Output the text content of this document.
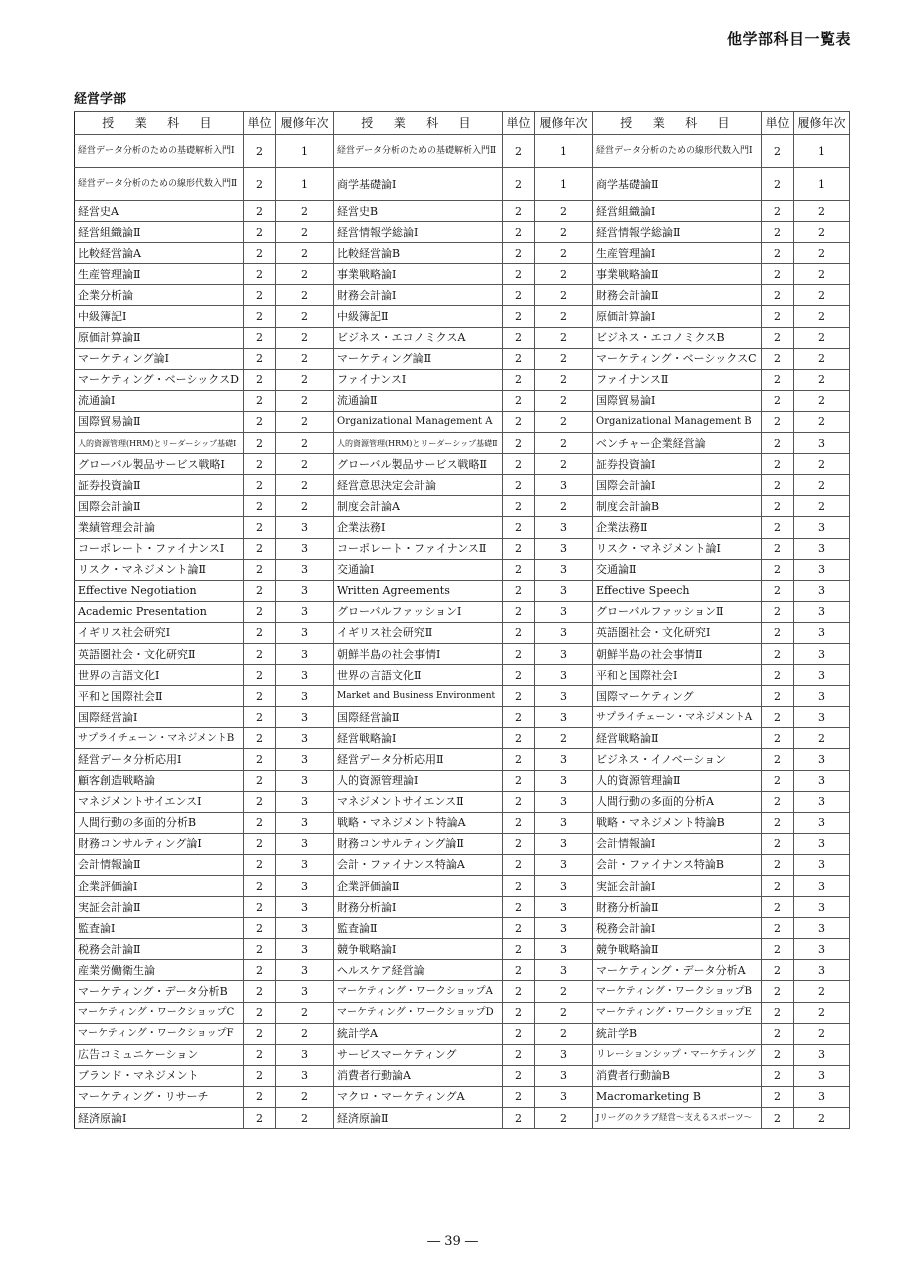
他学部科目一覧表
経営学部
授　業　科　目	単位	履修年次	授　業　科　目	単位	履修年次	授　業　科　目	単位	履修年次
経営データ分析のための基礎解析入門Ⅰ	2	1	経営データ分析のための基礎解析入門Ⅱ	2	1	経営データ分析のための線形代数入門Ⅰ	2	1
経営データ分析のための線形代数入門Ⅱ	2	1	商学基礎論Ⅰ	2	1	商学基礎論Ⅱ	2	1
経営史A	2	2	経営史B	2	2	経営組織論Ⅰ	2	2
経営組織論Ⅱ	2	2	経営情報学総論Ⅰ	2	2	経営情報学総論Ⅱ	2	2
比較経営論A	2	2	比較経営論B	2	2	生産管理論Ⅰ	2	2
生産管理論Ⅱ	2	2	事業戦略論Ⅰ	2	2	事業戦略論Ⅱ	2	2
企業分析論	2	2	財務会計論Ⅰ	2	2	財務会計論Ⅱ	2	2
中級簿記Ⅰ	2	2	中級簿記Ⅱ	2	2	原価計算論Ⅰ	2	2
原価計算論Ⅱ	2	2	ビジネス・エコノミクスA	2	2	ビジネス・エコノミクスB	2	2
マーケティング論Ⅰ	2	2	マーケティング論Ⅱ	2	2	マーケティング・ベーシックスC	2	2
マーケティング・ベーシックスD	2	2	ファイナンスⅠ	2	2	ファイナンスⅡ	2	2
流通論Ⅰ	2	2	流通論Ⅱ	2	2	国際貿易論Ⅰ	2	2
国際貿易論Ⅱ	2	2	Organizational Management A	2	2	Organizational Management B	2	2
人的資源管理(HRM)とリーダーシップ基礎Ⅰ	2	2	人的資源管理(HRM)とリーダーシップ基礎Ⅱ	2	2	ベンチャー企業経営論	2	3
グローバル製品サービス戦略Ⅰ	2	2	グローバル製品サービス戦略Ⅱ	2	2	証券投資論Ⅰ	2	2
証券投資論Ⅱ	2	2	経営意思決定会計論	2	3	国際会計論Ⅰ	2	2
国際会計論Ⅱ	2	2	制度会計論A	2	2	制度会計論B	2	2
業績管理会計論	2	3	企業法務Ⅰ	2	3	企業法務Ⅱ	2	3
コーポレート・ファイナンスⅠ	2	3	コーポレート・ファイナンスⅡ	2	3	リスク・マネジメント論Ⅰ	2	3
リスク・マネジメント論Ⅱ	2	3	交通論Ⅰ	2	3	交通論Ⅱ	2	3
Effective Negotiation	2	3	Written Agreements	2	3	Effective Speech	2	3
Academic Presentation	2	3	グローバルファッションⅠ	2	3	グローバルファッションⅡ	2	3
イギリス社会研究Ⅰ	2	3	イギリス社会研究Ⅱ	2	3	英語圏社会・文化研究Ⅰ	2	3
英語圏社会・文化研究Ⅱ	2	3	朝鮮半島の社会事情Ⅰ	2	3	朝鮮半島の社会事情Ⅱ	2	3
世界の言語文化Ⅰ	2	3	世界の言語文化Ⅱ	2	3	平和と国際社会Ⅰ	2	3
平和と国際社会Ⅱ	2	3	Market and Business Environment	2	3	国際マーケティング	2	3
国際経営論Ⅰ	2	3	国際経営論Ⅱ	2	3	サプライチェーン・マネジメントA	2	3
サプライチェーン・マネジメントB	2	3	経営戦略論Ⅰ	2	2	経営戦略論Ⅱ	2	2
経営データ分析応用Ⅰ	2	3	経営データ分析応用Ⅱ	2	3	ビジネス・イノベーション	2	3
顧客創造戦略論	2	3	人的資源管理論Ⅰ	2	3	人的資源管理論Ⅱ	2	3
マネジメントサイエンスⅠ	2	3	マネジメントサイエンスⅡ	2	3	人間行動の多面的分析A	2	3
人間行動の多面的分析B	2	3	戦略・マネジメント特論A	2	3	戦略・マネジメント特論B	2	3
財務コンサルティング論Ⅰ	2	3	財務コンサルティング論Ⅱ	2	3	会計情報論Ⅰ	2	3
会計情報論Ⅱ	2	3	会計・ファイナンス特論A	2	3	会計・ファイナンス特論B	2	3
企業評価論Ⅰ	2	3	企業評価論Ⅱ	2	3	実証会計論Ⅰ	2	3
実証会計論Ⅱ	2	3	財務分析論Ⅰ	2	3	財務分析論Ⅱ	2	3
監査論Ⅰ	2	3	監査論Ⅱ	2	3	税務会計論Ⅰ	2	3
税務会計論Ⅱ	2	3	競争戦略論Ⅰ	2	3	競争戦略論Ⅱ	2	3
産業労働衛生論	2	3	ヘルスケア経営論	2	3	マーケティング・データ分析A	2	3
マーケティング・データ分析B	2	3	マーケティング・ワークショップA	2	2	マーケティング・ワークショップB	2	2
マーケティング・ワークショップC	2	2	マーケティング・ワークショップD	2	2	マーケティング・ワークショップE	2	2
マーケティング・ワークショップF	2	2	統計学A	2	2	統計学B	2	2
広告コミュニケーション	2	3	サービスマーケティング	2	3	リレーションシップ・マーケティング	2	3
ブランド・マネジメント	2	3	消費者行動論A	2	3	消費者行動論B	2	3
マーケティング・リサーチ	2	2	マクロ・マーケティングA	2	3	Macromarketing B	2	3
経済原論Ⅰ	2	2	経済原論Ⅱ	2	2	Jリーグのクラブ経営〜支えるスポーツ〜	2	2
― 39 ―
